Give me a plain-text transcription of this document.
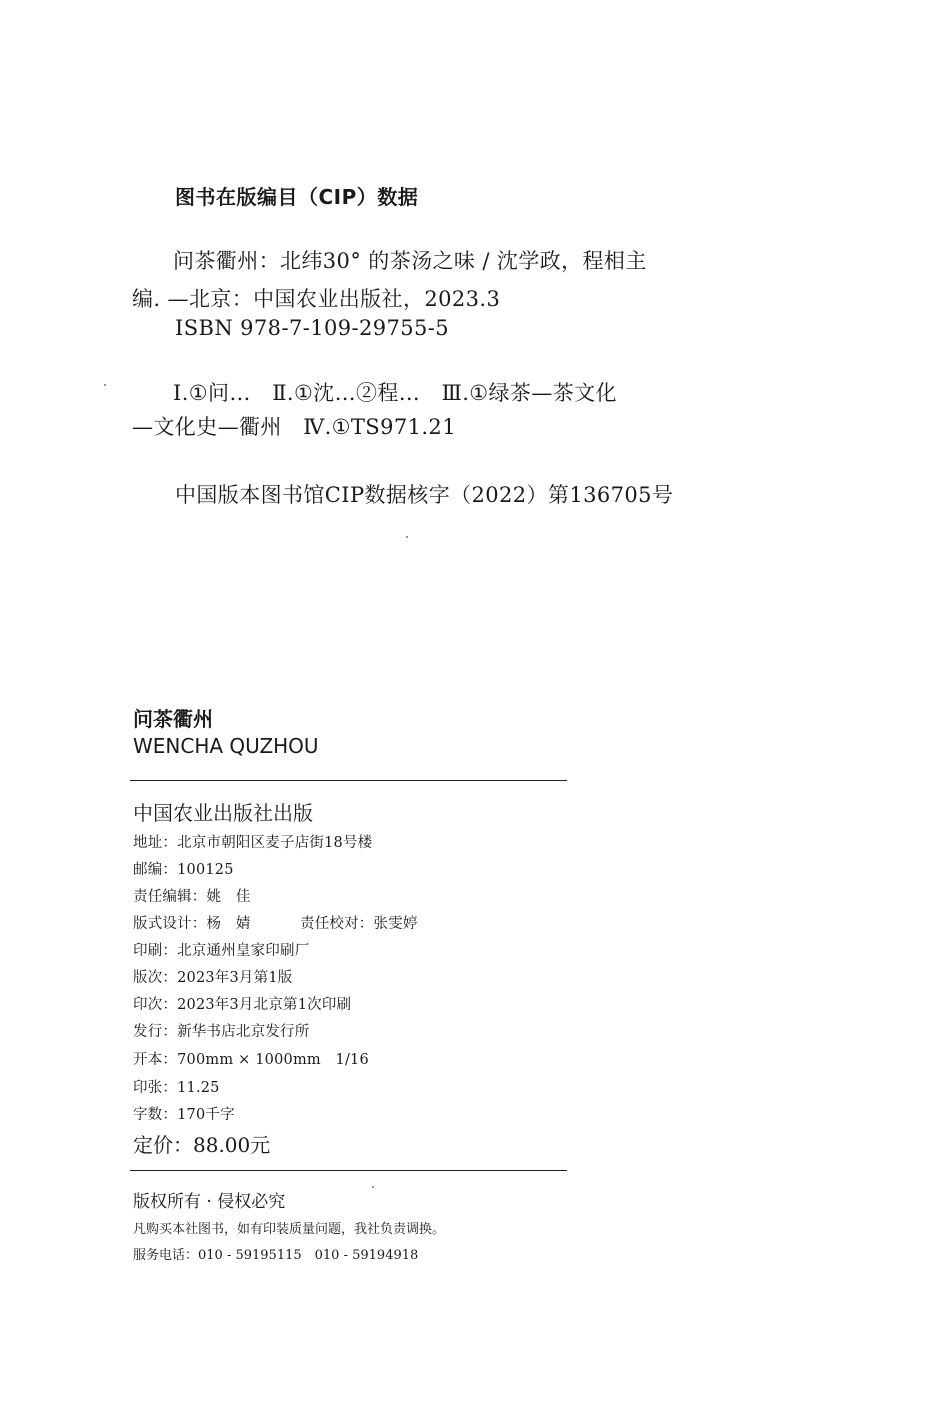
图书在版编目（CIP）数据
问茶衢州：北纬30° 的茶汤之味 / 沈学政，程相主
编. —北京：中国农业出版社，2023.3
ISBN 978-7-109-29755-5
Ⅰ.①问…　Ⅱ.①沈…②程…　Ⅲ.①绿茶—茶文化
—文化史—衢州　Ⅳ.①TS971.21
中国版本图书馆CIP数据核字（2022）第136705号
问茶衢州
WENCHA QUZHOU
中国农业出版社出版
地址：北京市朝阳区麦子店街18号楼
邮编：100125
责任编辑：姚　佳
版式设计：杨　婧	责任校对：张雯婷
印刷：北京通州皇家印刷厂
版次：2023年3月第1版
印次：2023年3月北京第1次印刷
发行：新华书店北京发行所
开本：700mm × 1000mm　1/16
印张：11.25
字数：170千字
定价：88.00元
版权所有 · 侵权必究
凡购买本社图书，如有印装质量问题，我社负责调换。
服务电话：010 - 59195115　010 - 59194918
